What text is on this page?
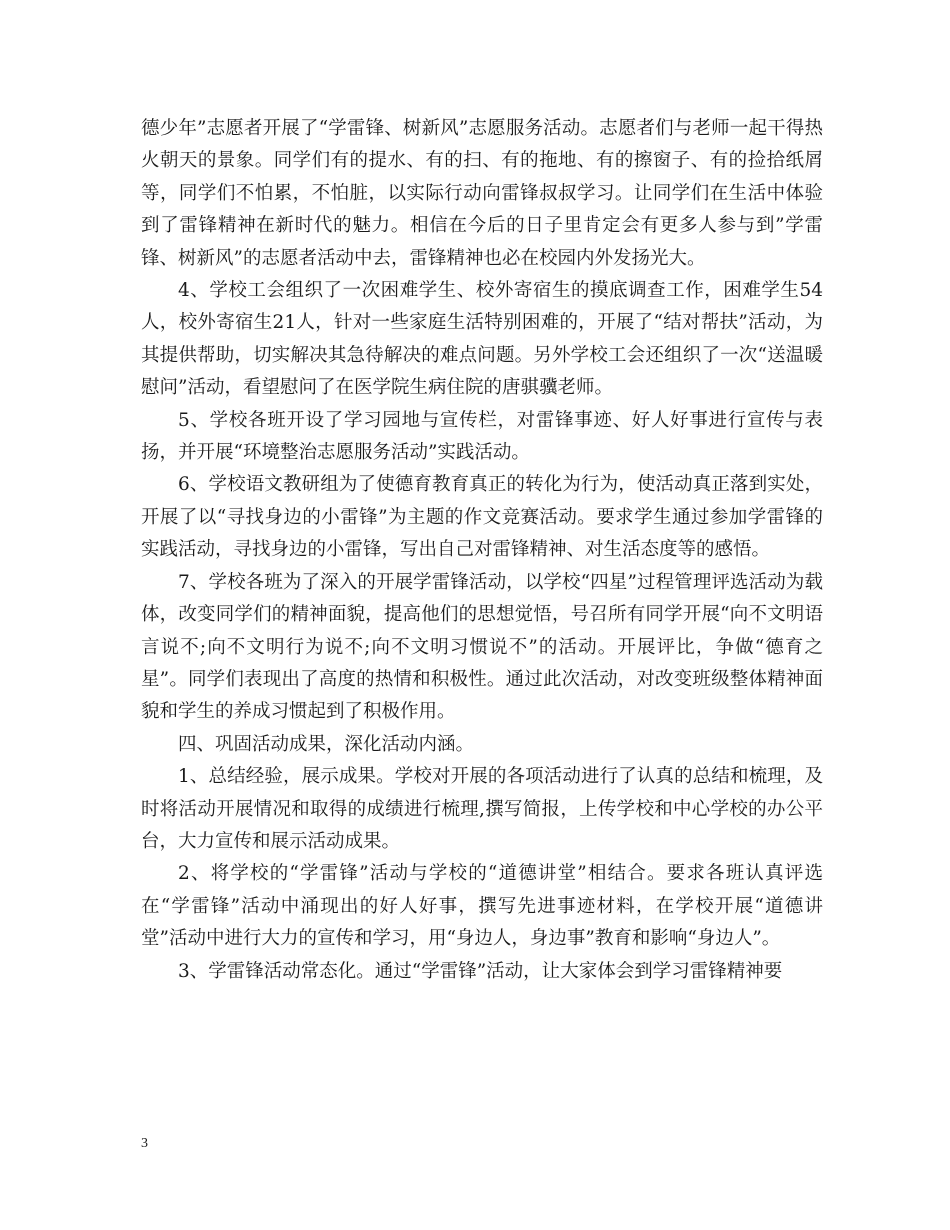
德少年”志愿者开展了“学雷锋、树新风”志愿服务活动。志愿者们与老师一起干得热火朝天的景象。同学们有的提水、有的扫、有的拖地、有的擦窗子、有的捡拾纸屑等，同学们不怕累，不怕脏，以实际行动向雷锋叔叔学习。让同学们在生活中体验到了雷锋精神在新时代的魅力。相信在今后的日子里肯定会有更多人参与到”学雷锋、树新风”的志愿者活动中去，雷锋精神也必在校园内外发扬光大。

4、学校工会组织了一次困难学生、校外寄宿生的摸底调查工作，困难学生54人，校外寄宿生21人，针对一些家庭生活特别困难的，开展了“结对帮扶”活动，为其提供帮助，切实解决其急待解决的难点问题。另外学校工会还组织了一次“送温暖慰问”活动，看望慰问了在医学院生病住院的唐骐骥老师。

5、学校各班开设了学习园地与宣传栏，对雷锋事迹、好人好事进行宣传与表扬，并开展“环境整治志愿服务活动”实践活动。

6、学校语文教研组为了使德育教育真正的转化为行为，使活动真正落到实处，开展了以“寻找身边的小雷锋”为主题的作文竞赛活动。要求学生通过参加学雷锋的实践活动，寻找身边的小雷锋，写出自己对雷锋精神、对生活态度等的感悟。

7、学校各班为了深入的开展学雷锋活动，以学校“四星”过程管理评选活动为载体，改变同学们的精神面貌，提高他们的思想觉悟，号召所有同学开展“向不文明语言说不;向不文明行为说不;向不文明习惯说不”的活动。开展评比，争做“德育之星”。同学们表现出了高度的热情和积极性。通过此次活动，对改变班级整体精神面貌和学生的养成习惯起到了积极作用。

四、巩固活动成果，深化活动内涵。

1、总结经验，展示成果。学校对开展的各项活动进行了认真的总结和梳理，及时将活动开展情况和取得的成绩进行梳理,撰写简报，上传学校和中心学校的办公平台，大力宣传和展示活动成果。

2、将学校的“学雷锋”活动与学校的“道德讲堂”相结合。要求各班认真评选在“学雷锋”活动中涌现出的好人好事，撰写先进事迹材料，在学校开展“道德讲堂”活动中进行大力的宣传和学习，用“身边人，身边事”教育和影响“身边人”。

3、学雷锋活动常态化。通过“学雷锋”活动，让大家体会到学习雷锋精神要

3
